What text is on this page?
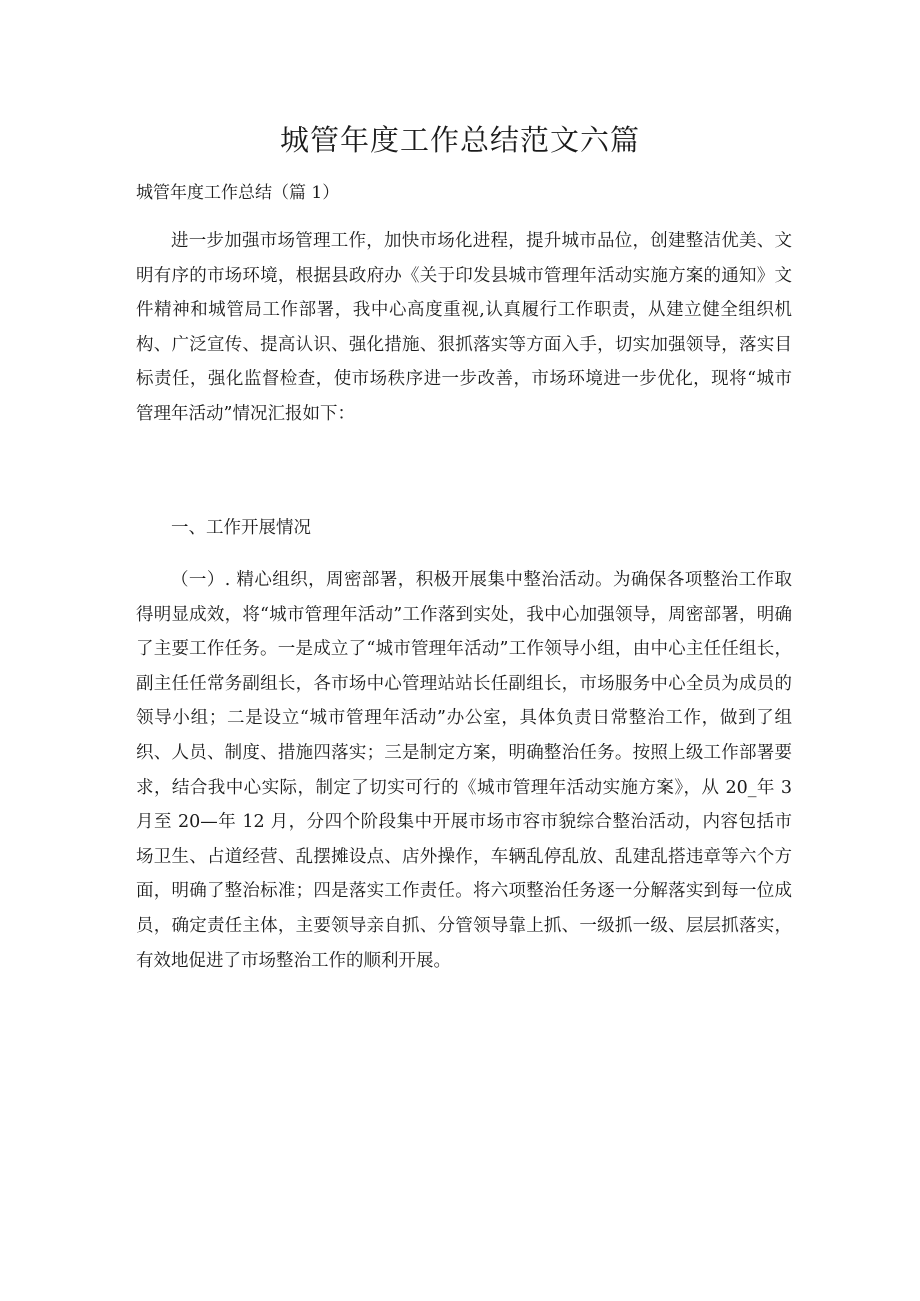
城管年度工作总结范文六篇
城管年度工作总结（篇 1）

进一步加强市场管理工作，加快市场化进程，提升城市品位，创建整洁优美、文明有序的市场环境，根据县政府办《关于印发县城市管理年活动实施方案的通知》文件精神和城管局工作部署，我中心高度重视,认真履行工作职责，从建立健全组织机构、广泛宣传、提高认识、强化措施、狠抓落实等方面入手，切实加强领导，落实目标责任，强化监督检查，使市场秩序进一步改善，市场环境进一步优化，现将“城市管理年活动”情况汇报如下：

一、工作开展情况

（一）. 精心组织，周密部署，积极开展集中整治活动。为确保各项整治工作取得明显成效，将“城市管理年活动”工作落到实处，我中心加强领导，周密部署，明确了主要工作任务。一是成立了“城市管理年活动”工作领导小组，由中心主任任组长，副主任任常务副组长，各市场中心管理站站长任副组长，市场服务中心全员为成员的领导小组；二是设立“城市管理年活动”办公室，具体负责日常整治工作，做到了组织、人员、制度、措施四落实；三是制定方案，明确整治任务。按照上级工作部署要求，结合我中心实际，制定了切实可行的《城市管理年活动实施方案》，从 20_年 3 月至 20—年 12 月，分四个阶段集中开展市场市容市貌综合整治活动，内容包括市场卫生、占道经营、乱摆摊设点、店外操作，车辆乱停乱放、乱建乱搭违章等六个方面，明确了整治标准；四是落实工作责任。将六项整治任务逐一分解落实到每一位成员，确定责任主体，主要领导亲自抓、分管领导靠上抓、一级抓一级、层层抓落实，有效地促进了市场整治工作的顺利开展。
